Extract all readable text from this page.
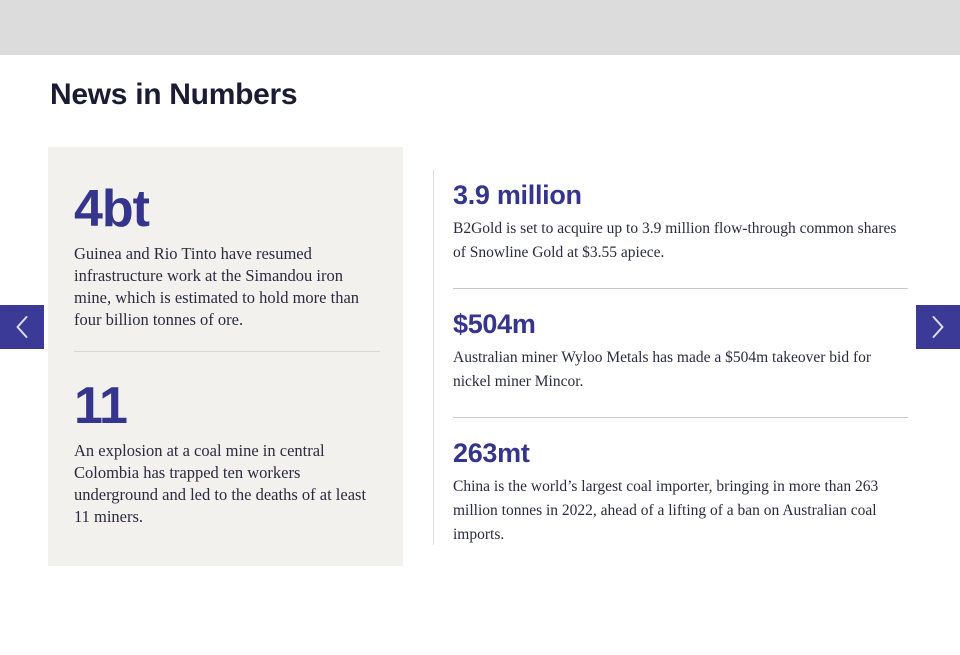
News in Numbers
4bt

Guinea and Rio Tinto have resumed infrastructure work at the Simandou iron mine, which is estimated to hold more than four billion tonnes of ore.

11

An explosion at a coal mine in central Colombia has trapped ten workers underground and led to the deaths of at least 11 miners.

3.9 million

B2Gold is set to acquire up to 3.9 million flow-through common shares of Snowline Gold at $3.55 apiece.

$504m

Australian miner Wyloo Metals has made a $504m takeover bid for nickel miner Mincor.

263mt

China is the world’s largest coal importer, bringing in more than 263 million tonnes in 2022, ahead of a lifting of a ban on Australian coal imports.
